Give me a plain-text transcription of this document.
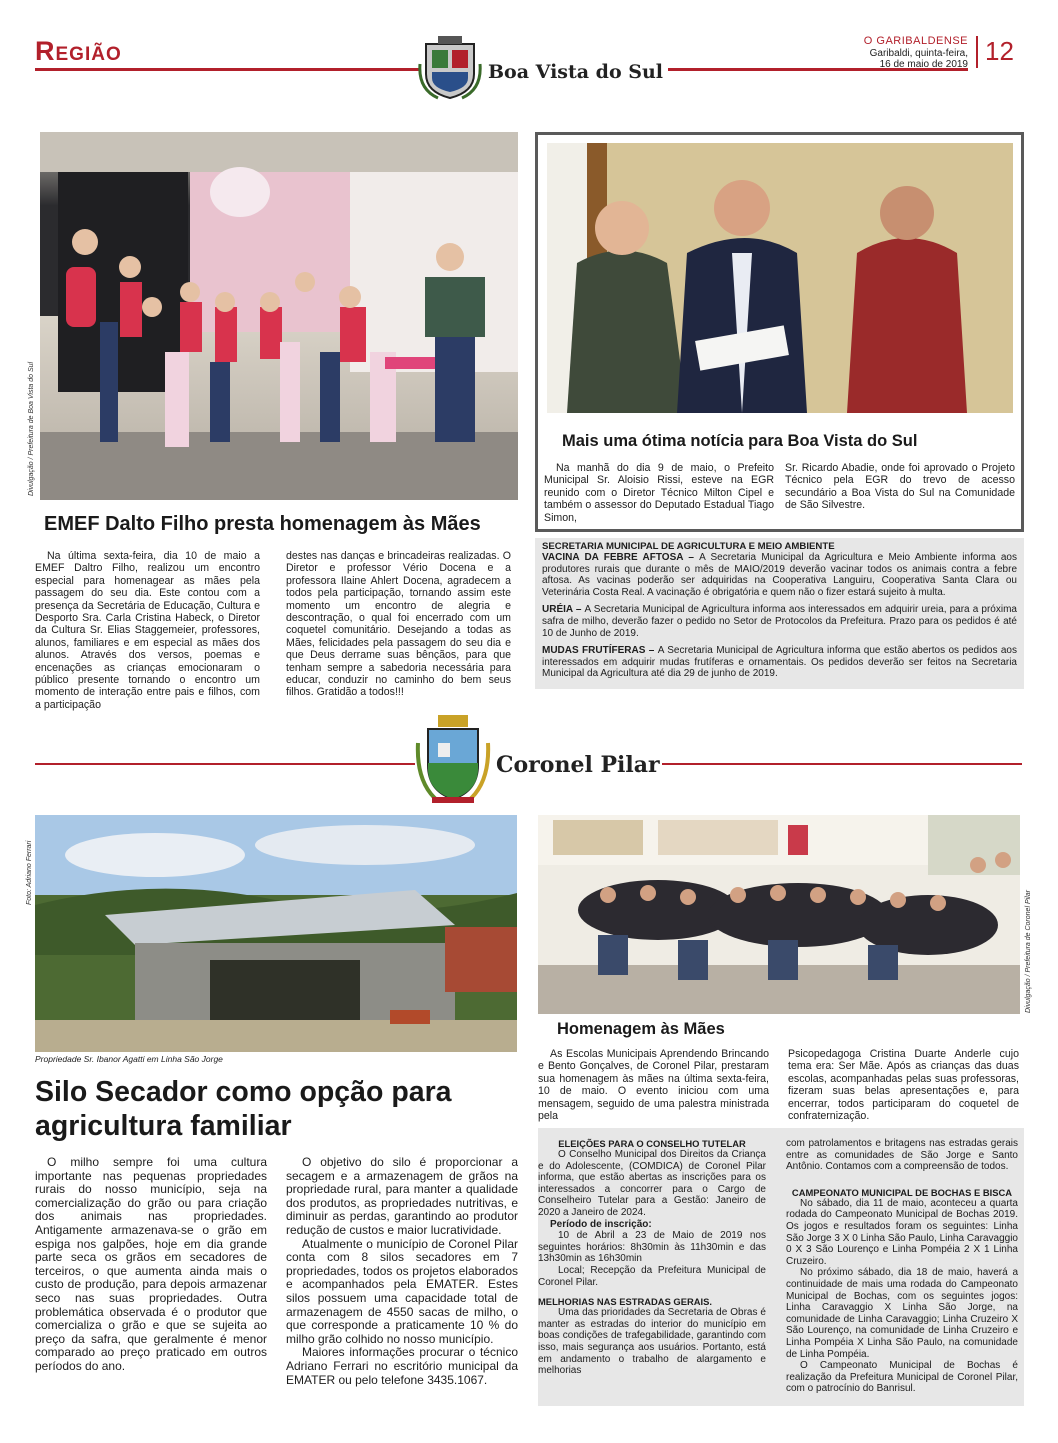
Região
Boa Vista do Sul
O GARIBALDENSE
Garibaldi, quinta-feira,
16 de maio de 2019 12
Divulgação / Prefeitura de Boa Vista do Sul
EMEF Dalto Filho presta homenagem às Mães
Na última sexta-feira, dia 10 de maio a EMEF Daltro Filho, realizou um encontro especial para homenagear as mães pela passagem do seu dia. Este contou com a presença da Secretária de Educação, Cultura e Desporto Sra. Carla Cristina Habeck, o Diretor da Cultura Sr. Elias Staggemeier, professores, alunos, familiares e em especial as mães dos alunos. Através dos versos, poemas e encenações as crianças emocionaram o público presente tornando o encontro um momento de interação entre pais e filhos, com a participação
destes nas danças e brincadeiras realizadas. O Diretor e professor Vério Docena e a professora Ilaine Ahlert Docena, agradecem a todos pela participação, tornando assim este momento um encontro de alegria e descontração, o qual foi encerrado com um coquetel comunitário. Desejando a todas as Mães, felicidades pela passagem do seu dia e que Deus derrame suas bênçãos, para que tenham sempre a sabedoria necessária para educar, conduzir no caminho do bem seus filhos. Gratidão a todos!!!
Mais uma ótima notícia para Boa Vista do Sul
Na manhã do dia 9 de maio, o Prefeito Municipal Sr. Aloisio Rissi, esteve na EGR reunido com o Diretor Técnico Milton Cipel e também o assessor do Deputado Estadual Tiago Simon,
Sr. Ricardo Abadie, onde foi aprovado o Projeto Técnico pela EGR do trevo de acesso secundário a Boa Vista do Sul na Comunidade de São Silvestre.
SECRETARIA MUNICIPAL DE AGRICULTURA E MEIO AMBIENTE

VACINA DA FEBRE AFTOSA – A Secretaria Municipal da Agricultura e Meio Ambiente informa aos produtores rurais que durante o mês de MAIO/2019 deverão vacinar todos os animais contra a febre aftosa. As vacinas poderão ser adquiridas na Cooperativa Languiru, Cooperativa Santa Clara ou Veterinária Costa Real. A vacinação é obrigatória e quem não o fizer estará sujeito à multa.

URÉIA – A Secretaria Municipal de Agricultura informa aos interessados em adquirir ureia, para a próxima safra de milho, deverão fazer o pedido no Setor de Protocolos da Prefeitura. Prazo para os pedidos é até 10 de Junho de 2019.

MUDAS FRUTÍFERAS – A Secretaria Municipal de Agricultura informa que estão abertos os pedidos aos interessados em adquirir mudas frutíferas e ornamentais. Os pedidos deverão ser feitos na Secretaria Municipal da Agricultura até dia 29 de junho de 2019.

Coronel Pilar
Foto: Adriano Ferrari
Propriedade Sr. Ibanor Agatti em Linha São Jorge
Silo Secador como opção para agricultura familiar
O milho sempre foi uma cultura importante nas pequenas propriedades rurais do nosso município, seja na comercialização do grão ou para criação dos animais nas propriedades. Antigamente armazenava-se o grão em espiga nos galpões, hoje em dia grande parte seca os grãos em secadores de terceiros, o que aumenta ainda mais o custo de produção, para depois armazenar seco nas suas propriedades. Outra problemática observada é o produtor que comercializa o grão e que se sujeita ao preço da safra, que geralmente é menor comparado ao preço praticado em outros períodos do ano.

O objetivo do silo é proporcionar a secagem e a armazenagem de grãos na propriedade rural, para manter a qualidade dos produtos, as propriedades nutritivas, e diminuir as perdas, garantindo ao produtor redução de custos e maior lucratividade.

Atualmente o município de Coronel Pilar conta com 8 silos secadores em 7 propriedades, todos os projetos elaborados e acompanhados pela EMATER. Estes silos possuem uma capacidade total de armazenagem de 4550 sacas de milho, o que corresponde a praticamente 10 % do milho grão colhido no nosso município.

Maiores informações procurar o técnico Adriano Ferrari no escritório municipal da EMATER ou pelo telefone 3435.1067.

Divulgação / Prefeitura de Coronel Pilar
Homenagem às Mães
As Escolas Municipais Aprendendo Brincando e Bento Gonçalves, de Coronel Pilar, prestaram sua homenagem às mães na última sexta-feira, 10 de maio. O evento iniciou com uma mensagem, seguido de uma palestra ministrada pela
Psicopedagoga Cristina Duarte Anderle cujo tema era: Ser Mãe. Após as crianças das duas escolas, acompanhadas pelas suas professoras, fizeram suas belas apresentações e, para encerrar, todos participaram do coquetel de confraternização.
ELEIÇÕES PARA O CONSELHO TUTELAR

O Conselho Municipal dos Direitos da Criança e do Adolescente, (COMDICA) de Coronel Pilar informa, que estão abertas as inscrições para os interessados a concorrer para o Cargo de Conselheiro Tutelar para a Gestão: Janeiro de 2020 a Janeiro de 2024.

Período de inscrição:

10 de Abril a 23 de Maio de 2019 nos seguintes horários: 8h30min às 11h30min e das 13h30min as 16h30min

Local; Recepção da Prefeitura Municipal de Coronel Pilar.

MELHORIAS NAS ESTRADAS GERAIS.

Uma das prioridades da Secretaria de Obras é manter as estradas do interior do município em boas condições de trafegabilidade, garantindo com isso, mais segurança aos usuários. Portanto, está em andamento o trabalho de alargamento e melhorias

com patrolamentos e britagens nas estradas gerais entre as comunidades de São Jorge e Santo Antônio. Contamos com a compreensão de todos.

CAMPEONATO MUNICIPAL DE BOCHAS E BISCA

No sábado, dia 11 de maio, aconteceu a quarta rodada do Campeonato Municipal de Bochas 2019. Os jogos e resultados foram os seguintes: Linha São Jorge 3 X 0 Linha São Paulo, Linha Caravaggio 0 X 3 São Lourenço e Linha Pompéia 2 X 1 Linha Cruzeiro.

No próximo sábado, dia 18 de maio, haverá a continuidade de mais uma rodada do Campeonato Municipal de Bochas, com os seguintes jogos: Linha Caravaggio X Linha São Jorge, na comunidade de Linha Caravaggio; Linha Cruzeiro X São Lourenço, na comunidade de Linha Cruzeiro e Linha Pompéia X Linha São Paulo, na comunidade de Linha Pompéia.

O Campeonato Municipal de Bochas é realização da Prefeitura Municipal de Coronel Pilar, com o patrocínio do Banrisul.
